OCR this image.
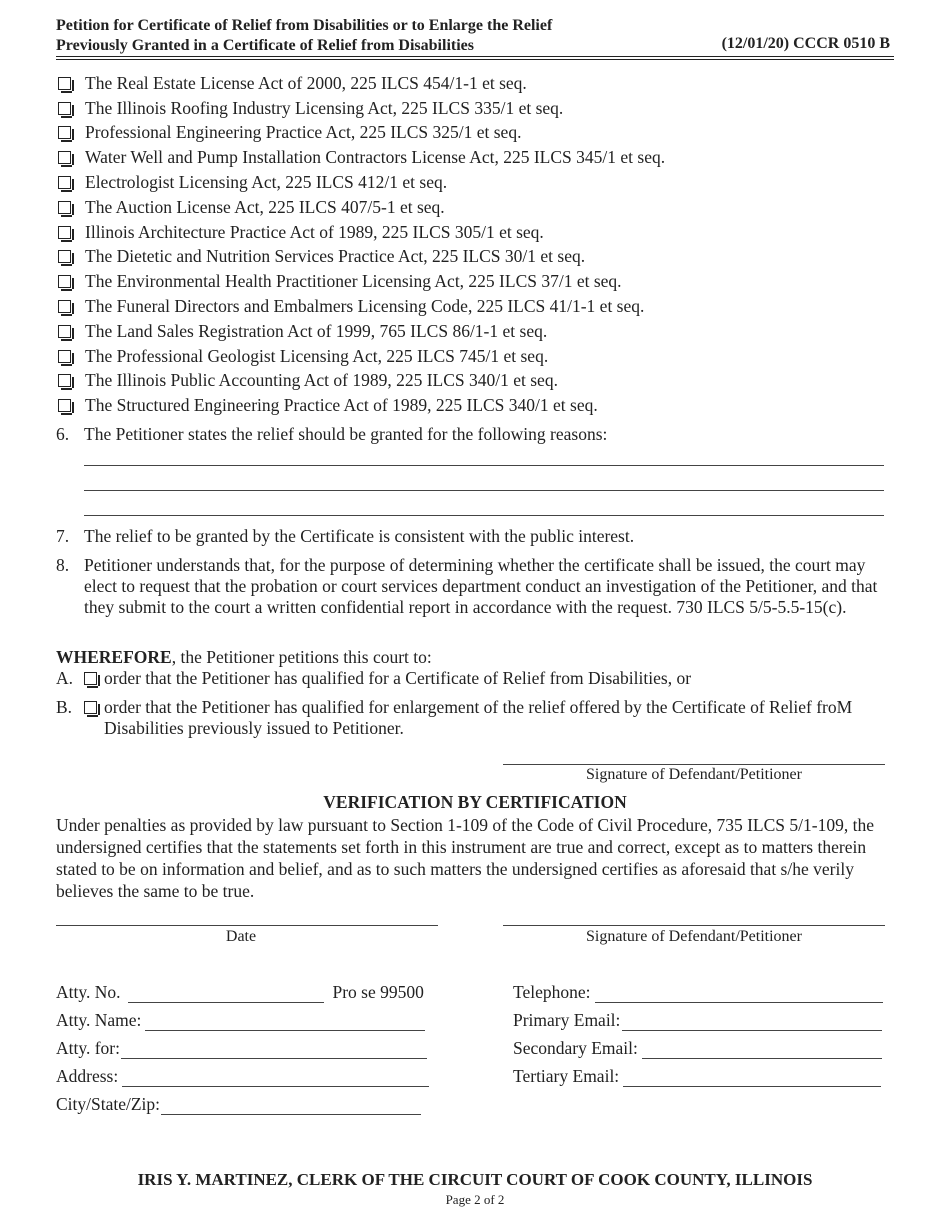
Petition for Certificate of Relief from Disabilities or to Enlarge the Relief
Previously Granted in a Certificate of Relief from Disabilities	(12/01/20) CCCR 0510 B
The Real Estate License Act of 2000, 225 ILCS 454/1-1 et seq.
The Illinois Roofing Industry Licensing Act, 225 ILCS 335/1 et seq.
Professional Engineering Practice Act, 225 ILCS 325/1 et seq.
Water Well and Pump Installation Contractors License Act, 225 ILCS 345/1 et seq.
Electrologist Licensing Act, 225 ILCS 412/1 et seq.
The Auction License Act, 225 ILCS 407/5-1 et seq.
Illinois Architecture Practice Act of 1989, 225 ILCS 305/1 et seq.
The Dietetic and Nutrition Services Practice Act, 225 ILCS 30/1 et seq.
The Environmental Health Practitioner Licensing Act, 225 ILCS 37/1 et seq.
The Funeral Directors and Embalmers Licensing Code, 225 ILCS 41/1-1 et seq.
The Land Sales Registration Act of 1999, 765 ILCS 86/1-1 et seq.
The Professional Geologist Licensing Act, 225 ILCS 745/1 et seq.
The Illinois Public Accounting Act of 1989, 225 ILCS 340/1 et seq.
The Structured Engineering Practice Act of 1989, 225 ILCS 340/1 et seq.
6. The Petitioner states the relief should be granted for the following reasons:
7. The relief to be granted by the Certificate is consistent with the public interest.
8. Petitioner understands that, for the purpose of determining whether the certificate shall be issued, the court may elect to request that the probation or court services department conduct an investigation of the Petitioner, and that they submit to the court a written confidential report in accordance with the request. 730 ILCS 5/5-5.5-15(c).
WHEREFORE, the Petitioner petitions this court to:
A. order that the Petitioner has qualified for a Certificate of Relief from Disabilities, or
B. order that the Petitioner has qualified for enlargement of the relief offered by the Certificate of Relief froM Disabilities previously issued to Petitioner.
Signature of Defendant/Petitioner
VERIFICATION BY CERTIFICATION
Under penalties as provided by law pursuant to Section 1-109 of the Code of Civil Procedure, 735 ILCS 5/1-109, the undersigned certifies that the statements set forth in this instrument are true and correct, except as to matters therein stated to be on information and belief, and as to such matters the undersigned certifies as aforesaid that s/he verily believes the same to be true.
Date	Signature of Defendant/Petitioner
Atty. No.	Pro se 99500
Atty. Name:
Atty. for:
Address:
City/State/Zip:
Telephone:
Primary Email:
Secondary Email:
Tertiary Email:
IRIS Y. MARTINEZ, CLERK OF THE CIRCUIT COURT OF COOK COUNTY, ILLINOIS
Page 2 of 2
